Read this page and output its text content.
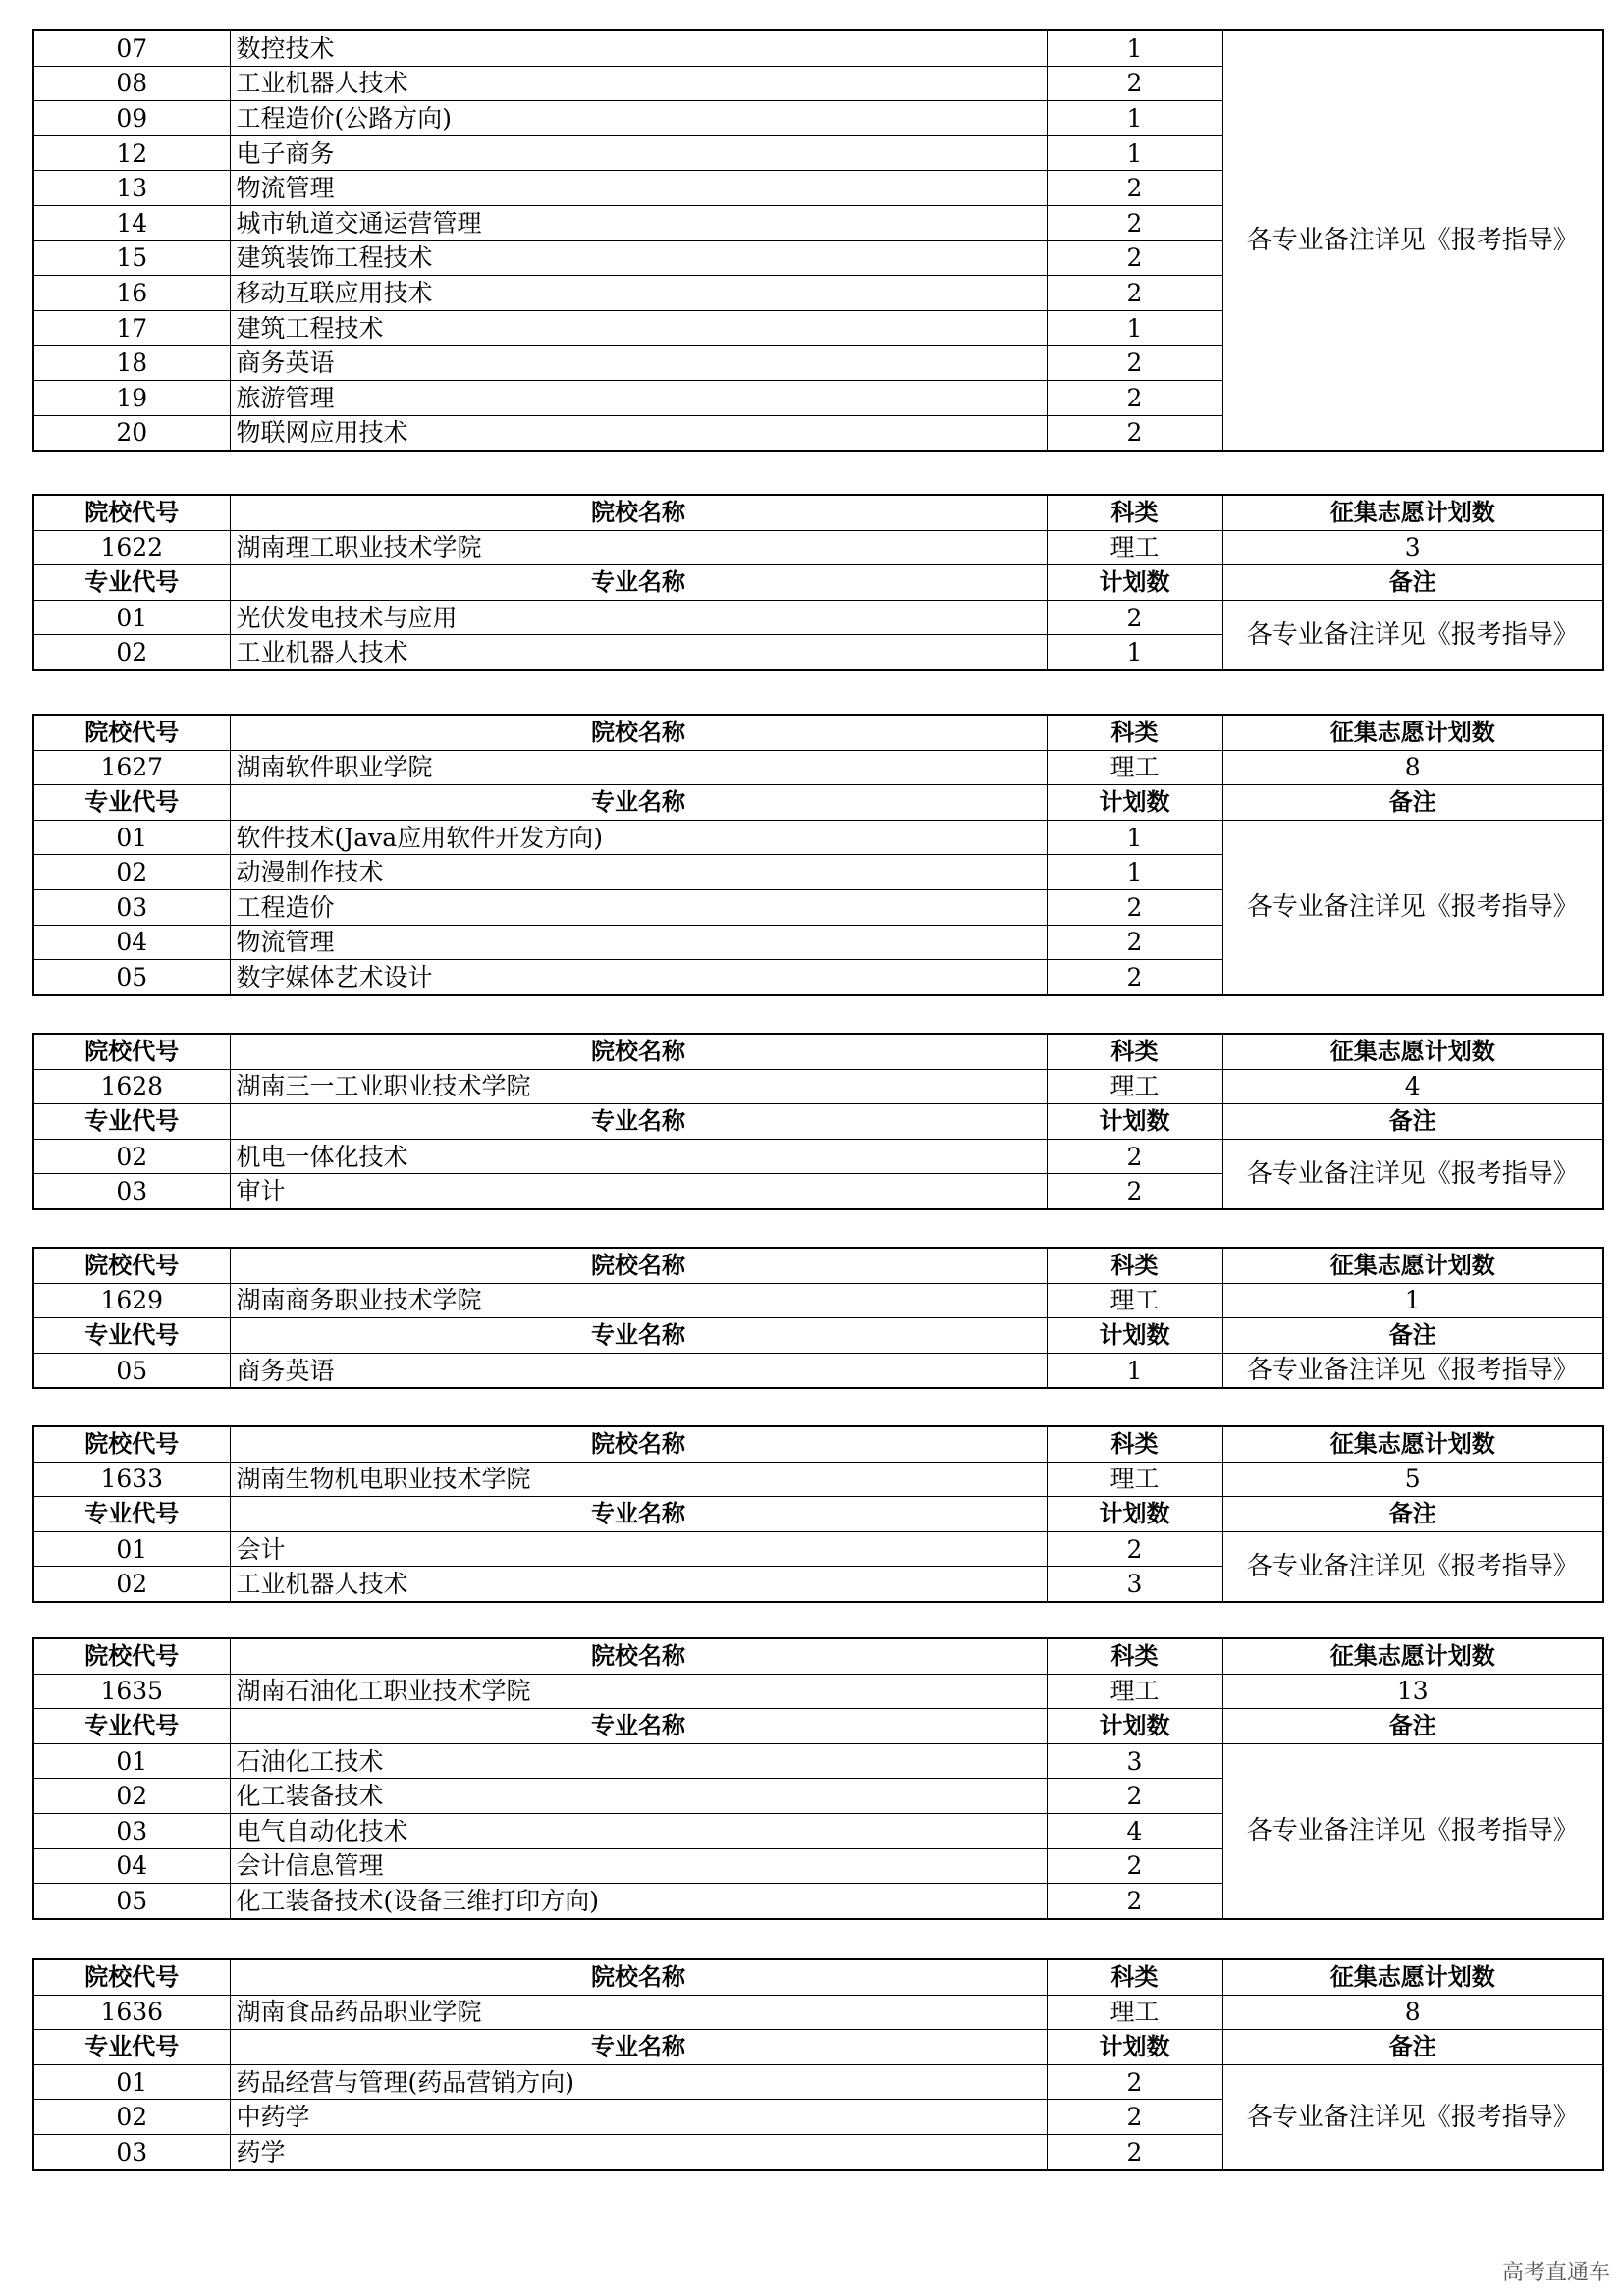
07	数控技术	1	各专业备注详见《报考指导》
08	工业机器人技术	2	
09	工程造价(公路方向)	1	
12	电子商务	1	
13	物流管理	2	
14	城市轨道交通运营管理	2	
15	建筑装饰工程技术	2	
16	移动互联应用技术	2	
17	建筑工程技术	1	
18	商务英语	2	
19	旅游管理	2	
20	物联网应用技术	2	
院校代号	院校名称	科类	征集志愿计划数
1622	湖南理工职业技术学院	理工	3
专业代号	专业名称	计划数	备注
01	光伏发电技术与应用	2	各专业备注详见《报考指导》
02	工业机器人技术	1	
院校代号	院校名称	科类	征集志愿计划数
1627	湖南软件职业学院	理工	8
专业代号	专业名称	计划数	备注
01	软件技术(Java应用软件开发方向)	1	各专业备注详见《报考指导》
02	动漫制作技术	1	
03	工程造价	2	
04	物流管理	2	
05	数字媒体艺术设计	2	
院校代号	院校名称	科类	征集志愿计划数
1628	湖南三一工业职业技术学院	理工	4
专业代号	专业名称	计划数	备注
02	机电一体化技术	2	各专业备注详见《报考指导》
03	审计	2	
院校代号	院校名称	科类	征集志愿计划数
1629	湖南商务职业技术学院	理工	1
专业代号	专业名称	计划数	备注
05	商务英语	1	各专业备注详见《报考指导》
院校代号	院校名称	科类	征集志愿计划数
1633	湖南生物机电职业技术学院	理工	5
专业代号	专业名称	计划数	备注
01	会计	2	各专业备注详见《报考指导》
02	工业机器人技术	3	
院校代号	院校名称	科类	征集志愿计划数
1635	湖南石油化工职业技术学院	理工	13
专业代号	专业名称	计划数	备注
01	石油化工技术	3	各专业备注详见《报考指导》
02	化工装备技术	2	
03	电气自动化技术	4	
04	会计信息管理	2	
05	化工装备技术(设备三维打印方向)	2	
院校代号	院校名称	科类	征集志愿计划数
1636	湖南食品药品职业学院	理工	8
专业代号	专业名称	计划数	备注
01	药品经营与管理(药品营销方向)	2	各专业备注详见《报考指导》
02	中药学	2	
03	药学	2	
高考直通车
